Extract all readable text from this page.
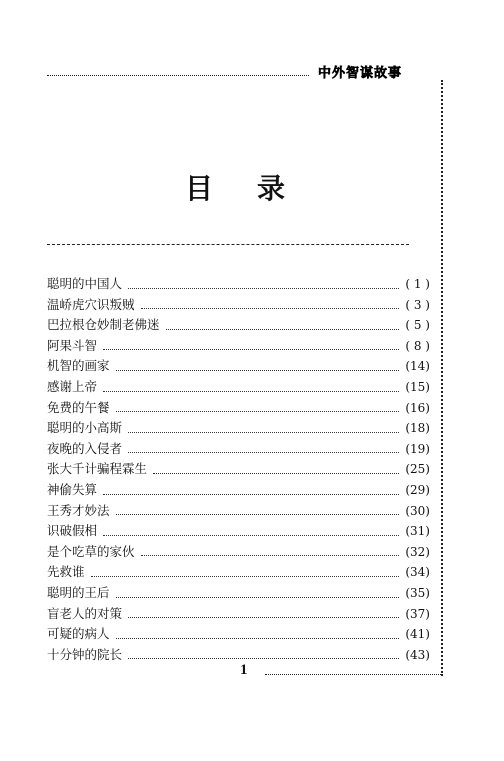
中外智谋故事
目录
聪明的中国人	( 1 )
温峤虎穴识叛贼	( 3 )
巴拉根仓妙制老佛迷	( 5 )
阿果斗智	( 8 )
机智的画家	(14)
感谢上帝	(15)
免费的午餐	(16)
聪明的小高斯	(18)
夜晚的入侵者	(19)
张大千计骗程霖生	(25)
神偷失算	(29)
王秀才妙法	(30)
识破假相	(31)
是个吃草的家伙	(32)
先救谁	(34)
聪明的王后	(35)
盲老人的对策	(37)
可疑的病人	(41)
十分钟的院长	(43)
1
